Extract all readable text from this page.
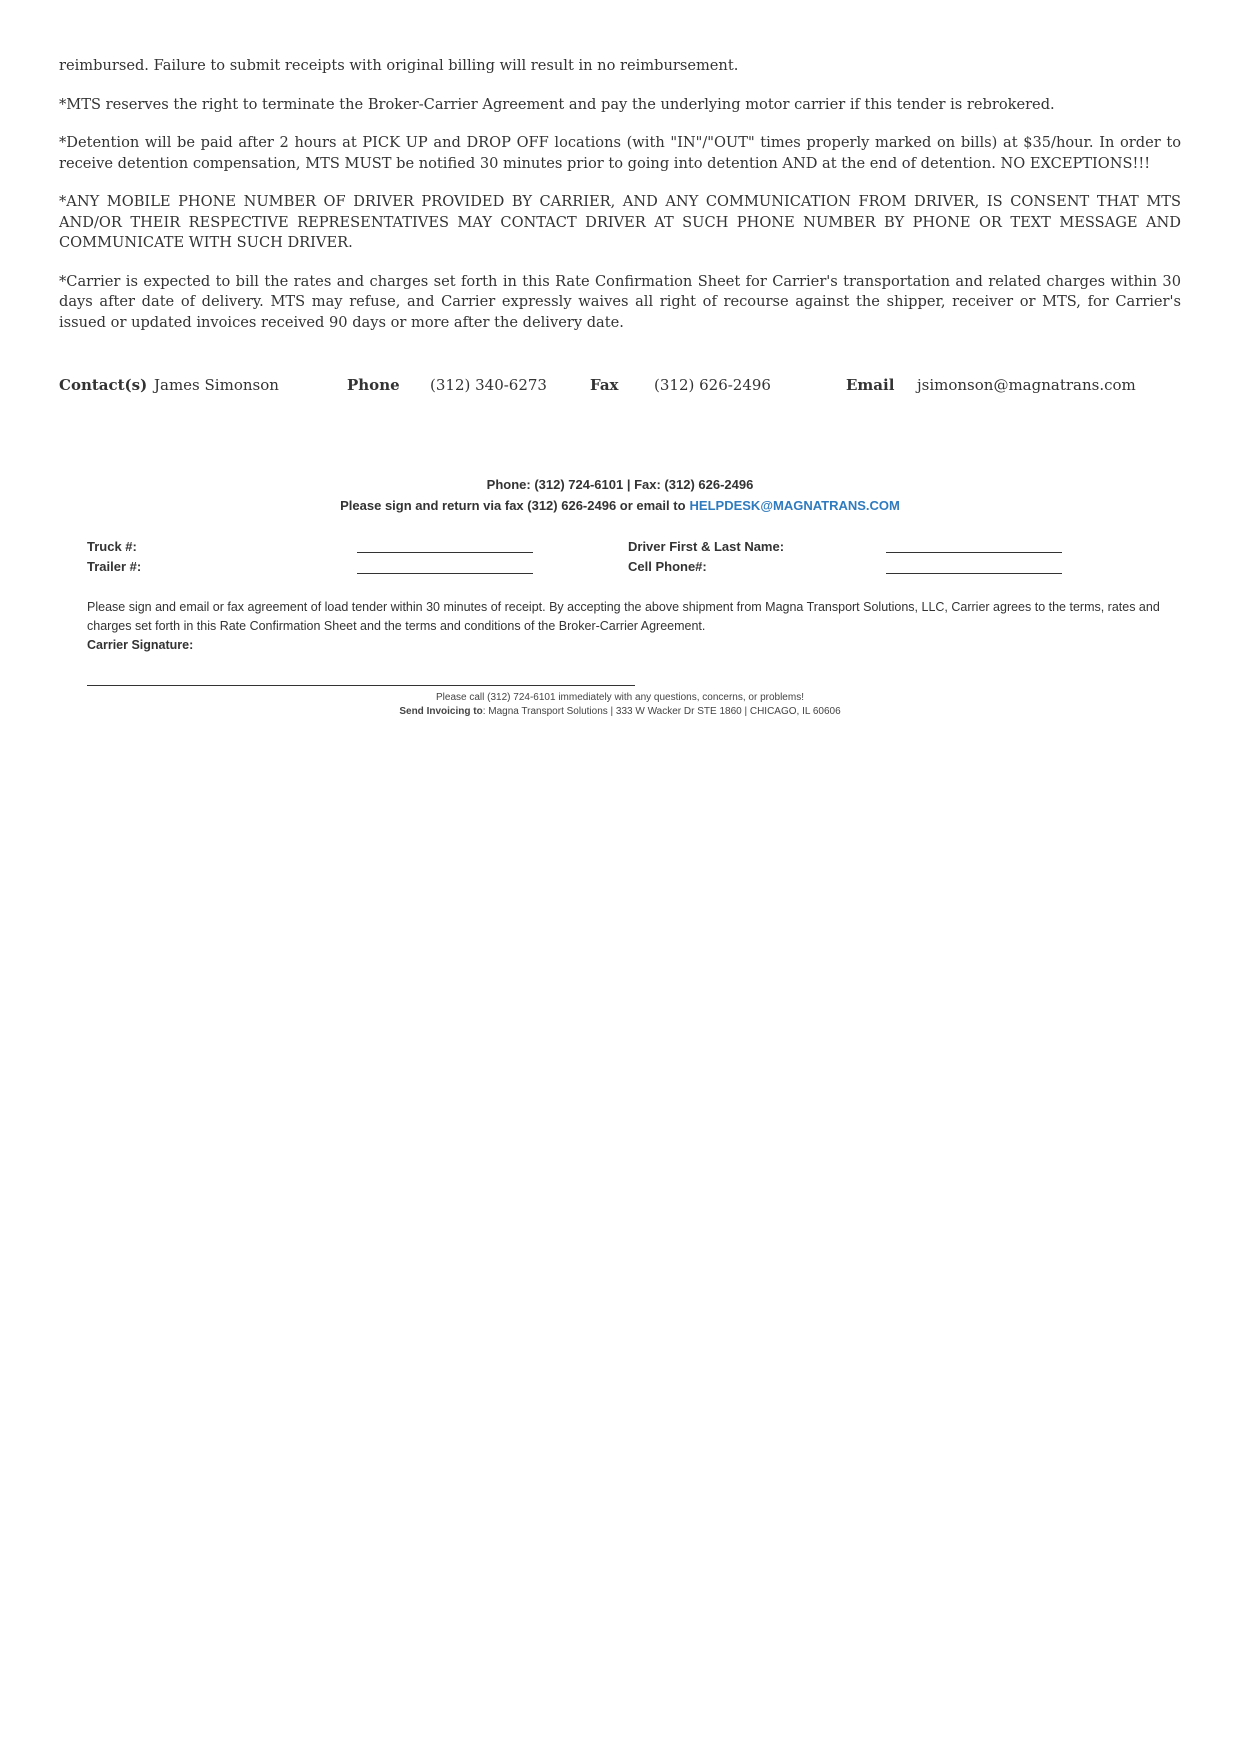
reimbursed. Failure to submit receipts with original billing will result in no reimbursement.

*MTS reserves the right to terminate the Broker-Carrier Agreement and pay the underlying motor carrier if this tender is rebrokered.

*Detention will be paid after 2 hours at PICK UP and DROP OFF locations (with "IN"/"OUT" times properly marked on bills) at $35/hour. In order to receive detention compensation, MTS MUST be notified 30 minutes prior to going into detention AND at the end of detention. NO EXCEPTIONS!!!

*ANY MOBILE PHONE NUMBER OF DRIVER PROVIDED BY CARRIER, AND ANY COMMUNICATION FROM DRIVER, IS CONSENT THAT MTS AND/OR THEIR RESPECTIVE REPRESENTATIVES MAY CONTACT DRIVER AT SUCH PHONE NUMBER BY PHONE OR TEXT MESSAGE AND COMMUNICATE WITH SUCH DRIVER.

*Carrier is expected to bill the rates and charges set forth in this Rate Confirmation Sheet for Carrier's transportation and related charges within 30 days after date of delivery. MTS may refuse, and Carrier expressly waives all right of recourse against the shipper, receiver or MTS, for Carrier's issued or updated invoices received 90 days or more after the delivery date.

Contact(s) James Simonson	Phone (312) 340-6273	Fax (312) 626-2496	Email jsimonson@magnatrans.com
Phone: (312) 724-6101 | Fax: (312) 626-2496
Please sign and return via fax (312) 626-2496 or email to HELPDESK@MAGNATRANS.COM
Truck #:	Driver First & Last Name:
Trailer #:	Cell Phone#:
Please sign and email or fax agreement of load tender within 30 minutes of receipt. By accepting the above shipment from Magna Transport Solutions, LLC, Carrier agrees to the terms, rates and charges set forth in this Rate Confirmation Sheet and the terms and conditions of the Broker-Carrier Agreement.
Carrier Signature:
Please call (312) 724-6101 immediately with any questions, concerns, or problems!
Send Invoicing to: Magna Transport Solutions | 333 W Wacker Dr STE 1860 | CHICAGO, IL 60606
